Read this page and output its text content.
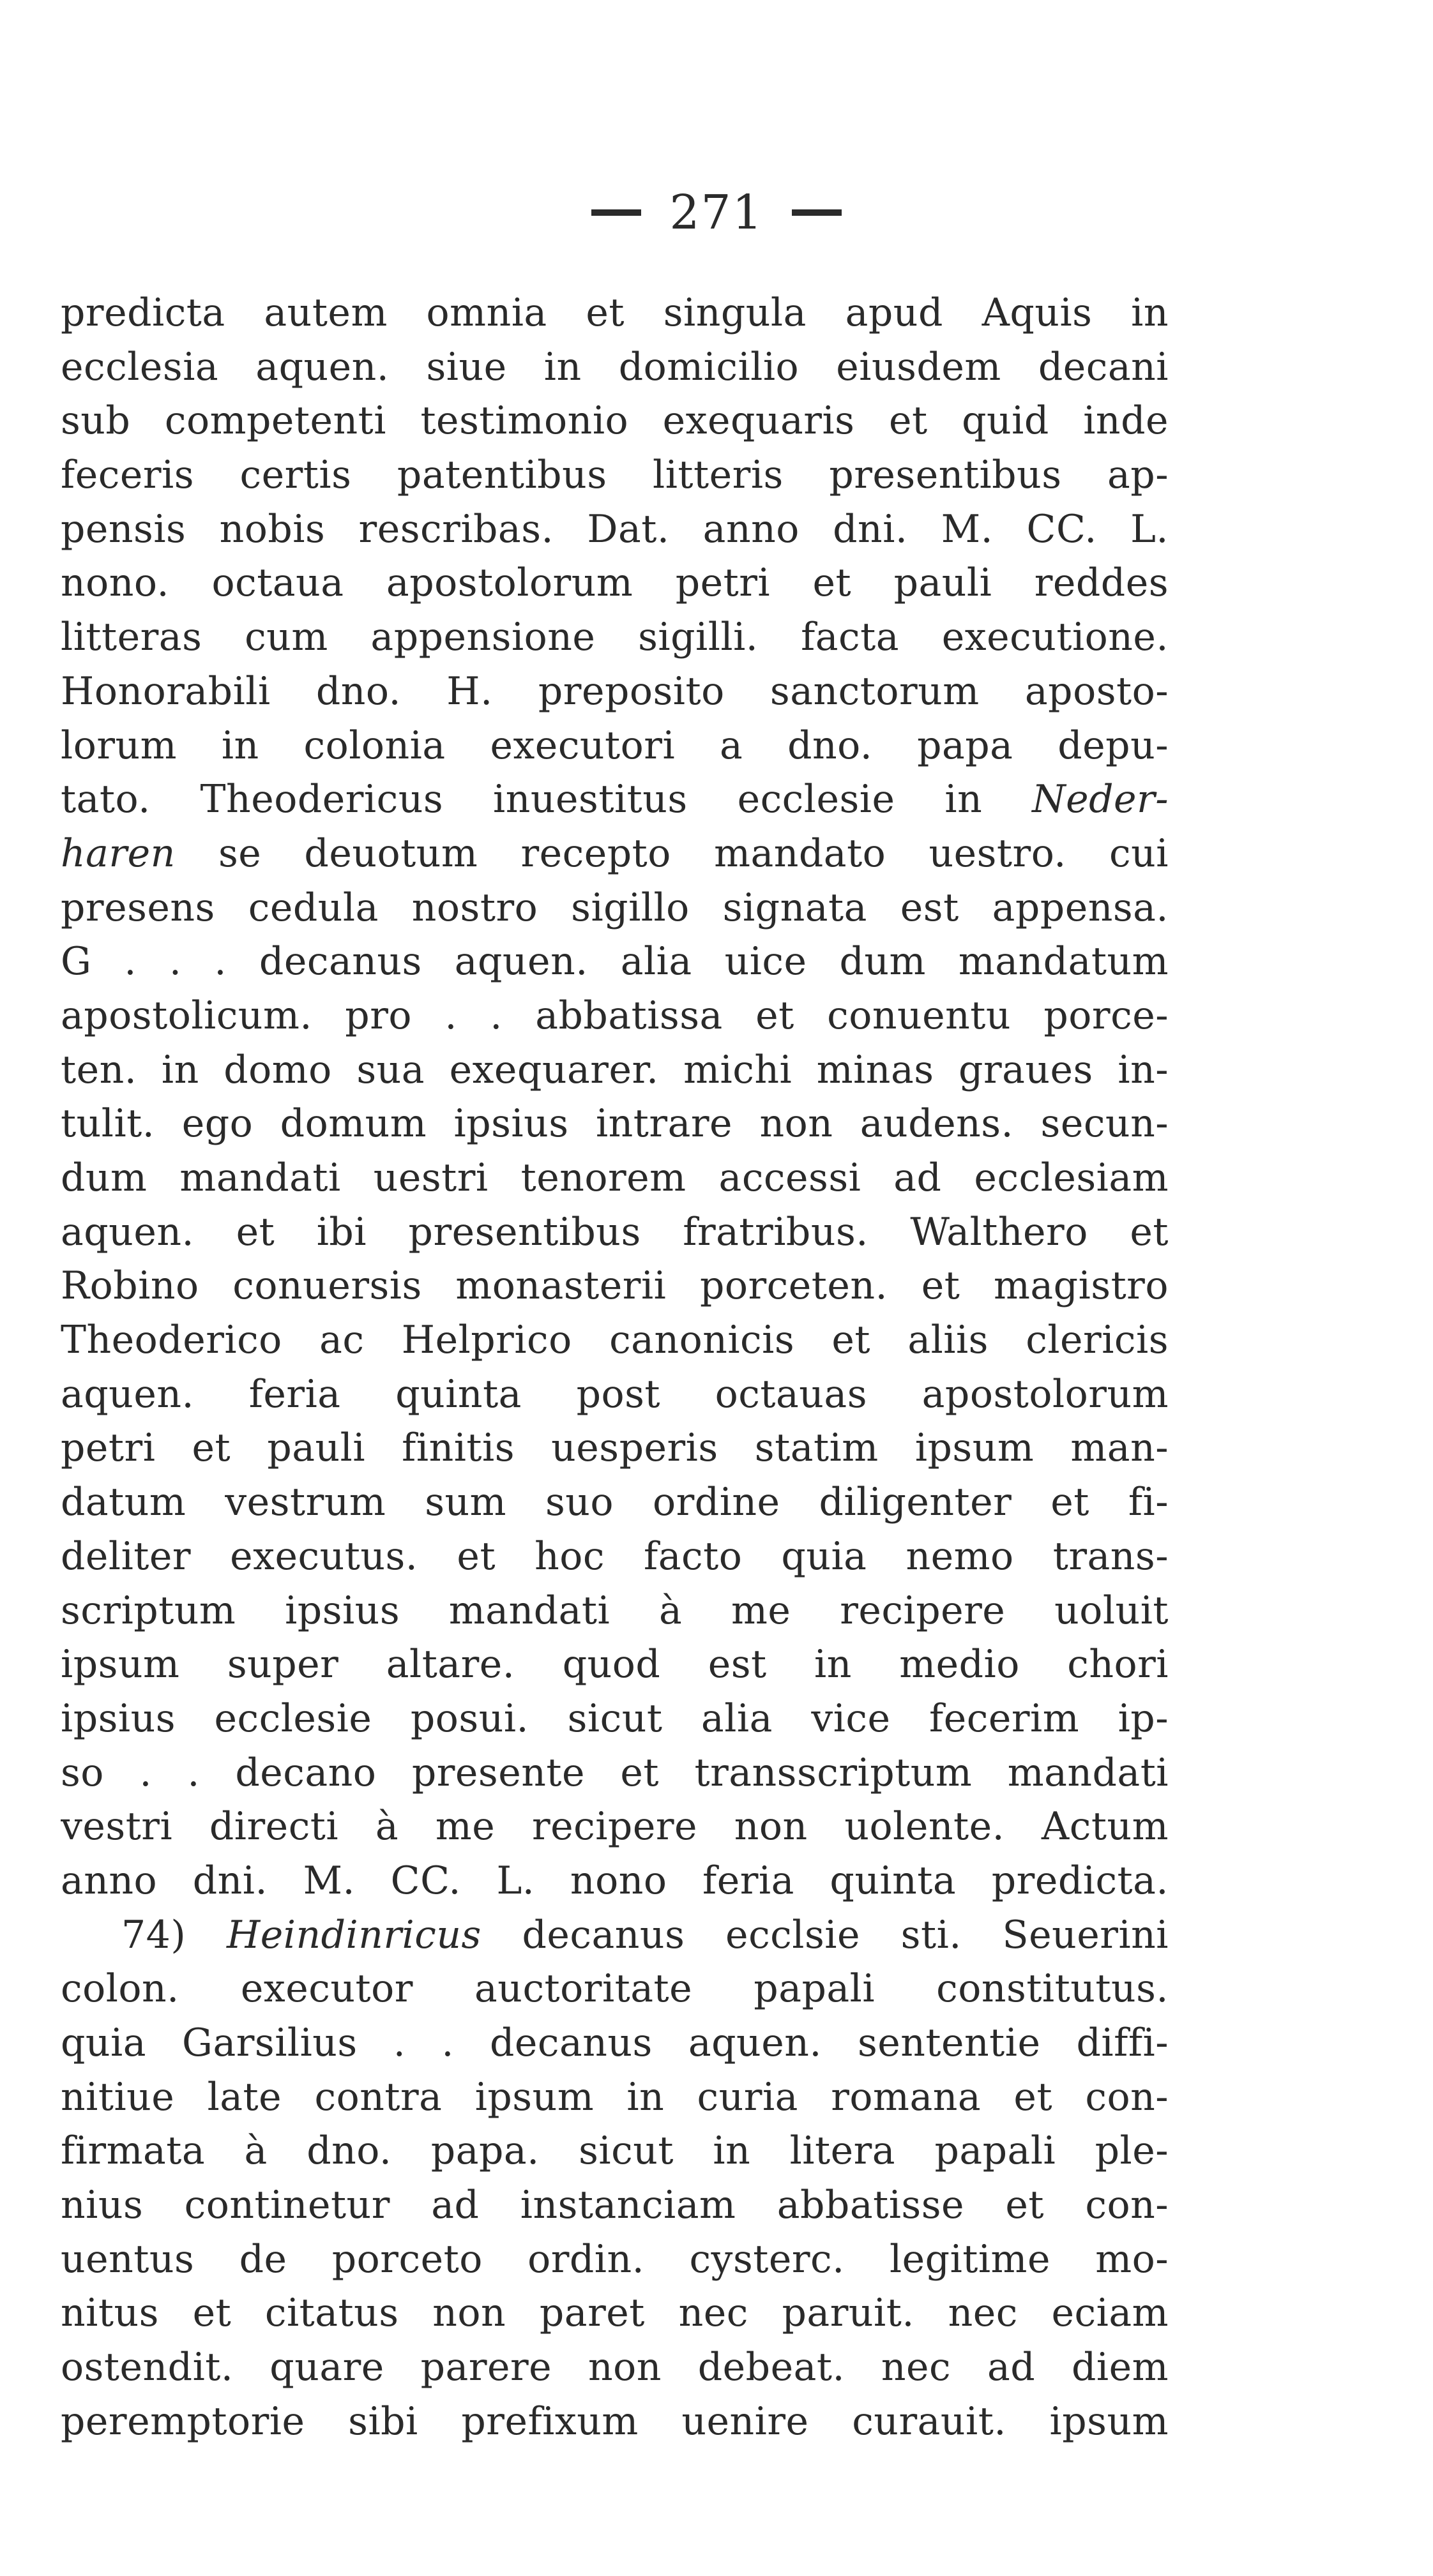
271
predicta autem omnia et singula apud Aquis in
ecclesia aquen. siue in domicilio eiusdem decani
sub competenti testimonio exequaris et quid inde
feceris certis patentibus litteris presentibus ap-
pensis nobis rescribas. Dat. anno dni. M. CC. L.
nono. octaua apostolorum petri et pauli reddes
litteras cum appensione sigilli. facta executione.
Honorabili dno. H. preposito sanctorum aposto-
lorum in colonia executori a dno. papa depu-
tato. Theodericus inuestitus ecclesie in Neder-
haren se deuotum recepto mandato uestro. cui
presens cedula nostro sigillo signata est appensa.
G . . . decanus aquen. alia uice dum mandatum
apostolicum. pro . . abbatissa et conuentu porce-
ten. in domo sua exequarer. michi minas graues in-
tulit. ego domum ipsius intrare non audens. secun-
dum mandati uestri tenorem accessi ad ecclesiam
aquen. et ibi presentibus fratribus. Walthero et
Robino conuersis monasterii porceten. et magistro
Theoderico ac Helprico canonicis et aliis clericis
aquen. feria quinta post octauas apostolorum
petri et pauli finitis uesperis statim ipsum man-
datum vestrum sum suo ordine diligenter et fi-
deliter executus. et hoc facto quia nemo trans-
scriptum ipsius mandati à me recipere uoluit
ipsum super altare. quod est in medio chori
ipsius ecclesie posui. sicut alia vice fecerim ip-
so . . decano presente et transscriptum mandati
vestri directi à me recipere non uolente. Actum
anno dni. M. CC. L. nono feria quinta predicta.
74) Heindinricus decanus ecclsie sti. Seuerini
colon. executor auctoritate papali constitutus.
quia Garsilius . . decanus aquen. sententie diffi-
nitiue late contra ipsum in curia romana et con-
firmata à dno. papa. sicut in litera papali ple-
nius continetur ad instanciam abbatisse et con-
uentus de porceto ordin. cysterc. legitime mo-
nitus et citatus non paret nec paruit. nec eciam
ostendit. quare parere non debeat. nec ad diem
peremptorie sibi prefixum uenire curauit. ipsum
